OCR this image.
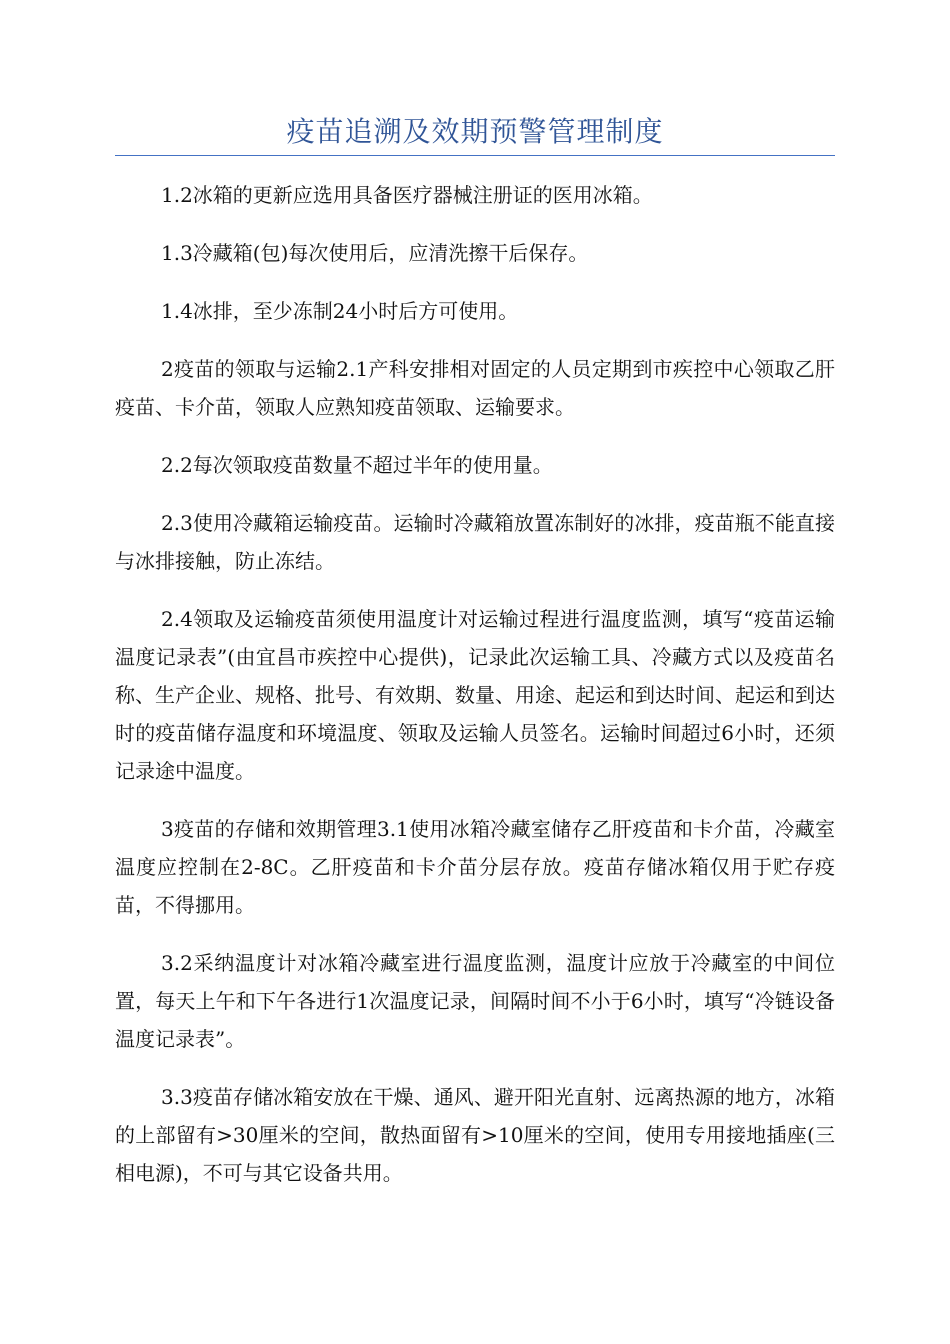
疫苗追溯及效期预警管理制度

1.2冰箱的更新应选用具备医疗器械注册证的医用冰箱。

1.3冷藏箱(包)每次使用后，应清洗擦干后保存。

1.4冰排，至少冻制24小时后方可使用。

2疫苗的领取与运输2.1产科安排相对固定的人员定期到市疾控中心领取乙肝疫苗、卡介苗，领取人应熟知疫苗领取、运输要求。

2.2每次领取疫苗数量不超过半年的使用量。

2.3使用冷藏箱运输疫苗。运输时冷藏箱放置冻制好的冰排，疫苗瓶不能直接与冰排接触，防止冻结。

2.4领取及运输疫苗须使用温度计对运输过程进行温度监测，填写“疫苗运输温度记录表”(由宜昌市疾控中心提供)，记录此次运输工具、冷藏方式以及疫苗名称、生产企业、规格、批号、有效期、数量、用途、起运和到达时间、起运和到达时的疫苗储存温度和环境温度、领取及运输人员签名。运输时间超过6小时，还须记录途中温度。

3疫苗的存储和效期管理3.1使用冰箱冷藏室储存乙肝疫苗和卡介苗，冷藏室温度应控制在2-8C。乙肝疫苗和卡介苗分层存放。疫苗存储冰箱仅用于贮存疫苗，不得挪用。

3.2采纳温度计对冰箱冷藏室进行温度监测，温度计应放于冷藏室的中间位置，每天上午和下午各进行1次温度记录，间隔时间不小于6小时，填写“冷链设备温度记录表”。

3.3疫苗存储冰箱安放在干燥、通风、避开阳光直射、远离热源的地方，冰箱的上部留有>30厘米的空间，散热面留有>10厘米的空间，使用专用接地插座(三相电源)，不可与其它设备共用。
